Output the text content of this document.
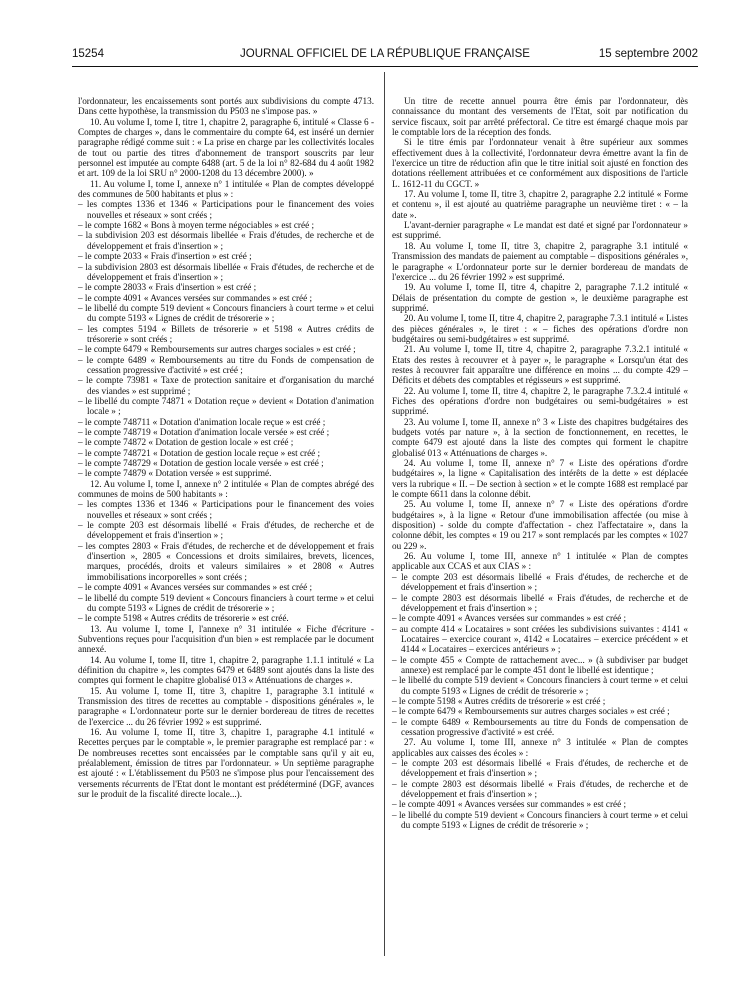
15254	JOURNAL OFFICIEL DE LA RÉPUBLIQUE FRANÇAISE	15 septembre 2002

l'ordonnateur, les encaissements sont portés aux subdivisions du compte 4713. Dans cette hypothèse, la transmission du P503 ne s'impose pas. »

10. Au volume I, tome I, titre 1, chapitre 2, paragraphe 6, intitulé « Classe 6 - Comptes de charges », dans le commentaire du compte 64, est inséré un dernier paragraphe rédigé comme suit : « La prise en charge par les collectivités locales de tout ou partie des titres d'abonnement de transport souscrits par leur personnel est imputée au compte 6488 (art. 5 de la loi n° 82-684 du 4 août 1982 et art. 109 de la loi SRU n° 2000-1208 du 13 décembre 2000). »

11. Au volume I, tome I, annexe n° 1 intitulée « Plan de comptes développé des communes de 500 habitants et plus » :

– les comptes 1336 et 1346 « Participations pour le financement des voies nouvelles et réseaux » sont créés ;

– le compte 1682 « Bons à moyen terme négociables » est créé ;

– la subdivision 203 est désormais libellée « Frais d'études, de recherche et de développement et frais d'insertion » ;

– le compte 2033 « Frais d'insertion » est créé ;

– la subdivision 2803 est désormais libellée « Frais d'études, de recherche et de développement et frais d'insertion » ;

– le compte 28033 « Frais d'insertion » est créé ;

– le compte 4091 « Avances versées sur commandes » est créé ;

– le libellé du compte 519 devient « Concours financiers à court terme » et celui du compte 5193 « Lignes de crédit de trésorerie » ;

– les comptes 5194 « Billets de trésorerie » et 5198 « Autres crédits de trésorerie » sont créés ;

– le compte 6479 « Remboursements sur autres charges sociales » est créé ;

– le compte 6489 « Remboursements au titre du Fonds de compensation de cessation progressive d'activité » est créé ;

– le compte 73981 « Taxe de protection sanitaire et d'organisation du marché des viandes » est supprimé ;

– le libellé du compte 74871 « Dotation reçue » devient « Dotation d'animation locale » ;

– le compte 748711 « Dotation d'animation locale reçue » est créé ;

– le compte 748719 « Dotation d'animation locale versée » est créé ;

– le compte 74872 « Dotation de gestion locale » est créé ;

– le compte 748721 « Dotation de gestion locale reçue » est créé ;

– le compte 748729 « Dotation de gestion locale versée » est créé ;

– le compte 74879 « Dotation versée » est supprimé.

12. Au volume I, tome I, annexe n° 2 intitulée « Plan de comptes abrégé des communes de moins de 500 habitants » :

– les comptes 1336 et 1346 « Participations pour le financement des voies nouvelles et réseaux » sont créés ;

– le compte 203 est désormais libellé « Frais d'études, de recherche et de développement et frais d'insertion » ;

– les comptes 2803 « Frais d'études, de recherche et de développement et frais d'insertion », 2805 « Concessions et droits similaires, brevets, licences, marques, procédés, droits et valeurs similaires » et 2808 « Autres immobilisations incorporelles » sont créés ;

– le compte 4091 « Avances versées sur commandes » est créé ;

– le libellé du compte 519 devient « Concours financiers à court terme » et celui du compte 5193 « Lignes de crédit de trésorerie » ;

– le compte 5198 « Autres crédits de trésorerie » est créé.

13. Au volume I, tome I, l'annexe n° 31 intitulée « Fiche d'écriture - Subventions reçues pour l'acquisition d'un bien » est remplacée par le document annexé.

14. Au volume I, tome II, titre 1, chapitre 2, paragraphe 1.1.1 intitulé « La définition du chapitre », les comptes 6479 et 6489 sont ajoutés dans la liste des comptes qui forment le chapitre globalisé 013 « Atténuations de charges ».

15. Au volume I, tome II, titre 3, chapitre 1, paragraphe 3.1 intitulé « Transmission des titres de recettes au comptable - dispositions générales », le paragraphe « L'ordonnateur porte sur le dernier bordereau de titres de recettes de l'exercice ... du 26 février 1992 » est supprimé.

16. Au volume I, tome II, titre 3, chapitre 1, paragraphe 4.1 intitulé « Recettes perçues par le comptable », le premier paragraphe est remplacé par : « De nombreuses recettes sont encaissées par le comptable sans qu'il y ait eu, préalablement, émission de titres par l'ordonnateur. » Un septième paragraphe est ajouté : « L'établissement du P503 ne s'impose plus pour l'encaissement des versements récurrents de l'Etat dont le montant est prédéterminé (DGF, avances sur le produit de la fiscalité directe locale...).

Un titre de recette annuel pourra être émis par l'ordonnateur, dès connaissance du montant des versements de l'Etat, soit par notification du service fiscaux, soit par arrêté préfectoral. Ce titre est émargé chaque mois par le comptable lors de la réception des fonds.

Si le titre émis par l'ordonnateur venait à être supérieur aux sommes effectivement dues à la collectivité, l'ordonnateur devra émettre avant la fin de l'exercice un titre de réduction afin que le titre initial soit ajusté en fonction des dotations réellement attribuées et ce conformément aux dispositions de l'article L. 1612-11 du CGCT. »

17. Au volume I, tome II, titre 3, chapitre 2, paragraphe 2.2 intitulé « Forme et contenu », il est ajouté au quatrième paragraphe un neuvième tiret : « – la date ».

L'avant-dernier paragraphe « Le mandat est daté et signé par l'ordonnateur » est supprimé.

18. Au volume I, tome II, titre 3, chapitre 2, paragraphe 3.1 intitulé « Transmission des mandats de paiement au comptable – dispositions générales », le paragraphe « L'ordonnateur porte sur le dernier bordereau de mandats de l'exercice ... du 26 février 1992 » est supprimé.

19. Au volume I, tome II, titre 4, chapitre 2, paragraphe 7.1.2 intitulé « Délais de présentation du compte de gestion », le deuxième paragraphe est supprimé.

20. Au volume I, tome II, titre 4, chapitre 2, paragraphe 7.3.1 intitulé « Listes des pièces générales », le tiret : « – fiches des opérations d'ordre non budgétaires ou semi-budgétaires » est supprimé.

21. Au volume I, tome II, titre 4, chapitre 2, paragraphe 7.3.2.1 intitulé « Etats des restes à recouvrer et à payer », le paragraphe « Lorsqu'un état des restes à recouvrer fait apparaître une différence en moins ... du compte 429 – Déficits et débets des comptables et régisseurs » est supprimé.

22. Au volume I, tome II, titre 4, chapitre 2, le paragraphe 7.3.2.4 intitulé « Fiches des opérations d'ordre non budgétaires ou semi-budgétaires » est supprimé.

23. Au volume I, tome II, annexe n° 3 « Liste des chapitres budgétaires des budgets votés par nature », à la section de fonctionnement, en recettes, le compte 6479 est ajouté dans la liste des comptes qui forment le chapitre globalisé 013 « Atténuations de charges ».

24. Au volume I, tome II, annexe n° 7 « Liste des opérations d'ordre budgétaires », la ligne « Capitalisation des intérêts de la dette » est déplacée vers la rubrique « II. – De section à section » et le compte 1688 est remplacé par le compte 6611 dans la colonne débit.

25. Au volume I, tome II, annexe n° 7 « Liste des opérations d'ordre budgétaires », à la ligne « Retour d'une immobilisation affectée (ou mise à disposition) - solde du compte d'affectation - chez l'affectataire », dans la colonne débit, les comptes « 19 ou 217 » sont remplacés par les comptes « 1027 ou 229 ».

26. Au volume I, tome III, annexe n° 1 intitulée « Plan de comptes applicable aux CCAS et aux CIAS » :

– le compte 203 est désormais libellé « Frais d'études, de recherche et de développement et frais d'insertion » ;

– le compte 2803 est désormais libellé « Frais d'études, de recherche et de développement et frais d'insertion » ;

– le compte 4091 « Avances versées sur commandes » est créé ;

– au compte 414 « Locataires » sont créées les subdivisions suivantes : 4141 « Locataires – exercice courant », 4142 « Locataires – exercice précédent » et 4144 « Locataires – exercices antérieurs » ;

– le compte 455 « Compte de rattachement avec... » (à subdiviser par budget annexe) est remplacé par le compte 451 dont le libellé est identique ;

– le libellé du compte 519 devient « Concours financiers à court terme » et celui du compte 5193 « Lignes de crédit de trésorerie » ;

– le compte 5198 « Autres crédits de trésorerie » est créé ;

– le compte 6479 « Remboursements sur autres charges sociales » est créé ;

– le compte 6489 « Remboursements au titre du Fonds de compensation de cessation progressive d'activité » est créé.

27. Au volume I, tome III, annexe n° 3 intitulée « Plan de comptes applicables aux caisses des écoles » :

– le compte 203 est désormais libellé « Frais d'études, de recherche et de développement et frais d'insertion » ;

– le compte 2803 est désormais libellé « Frais d'études, de recherche et de développement et frais d'insertion » ;

– le compte 4091 « Avances versées sur commandes » est créé ;

– le libellé du compte 519 devient « Concours financiers à court terme » et celui du compte 5193 « Lignes de crédit de trésorerie » ;
